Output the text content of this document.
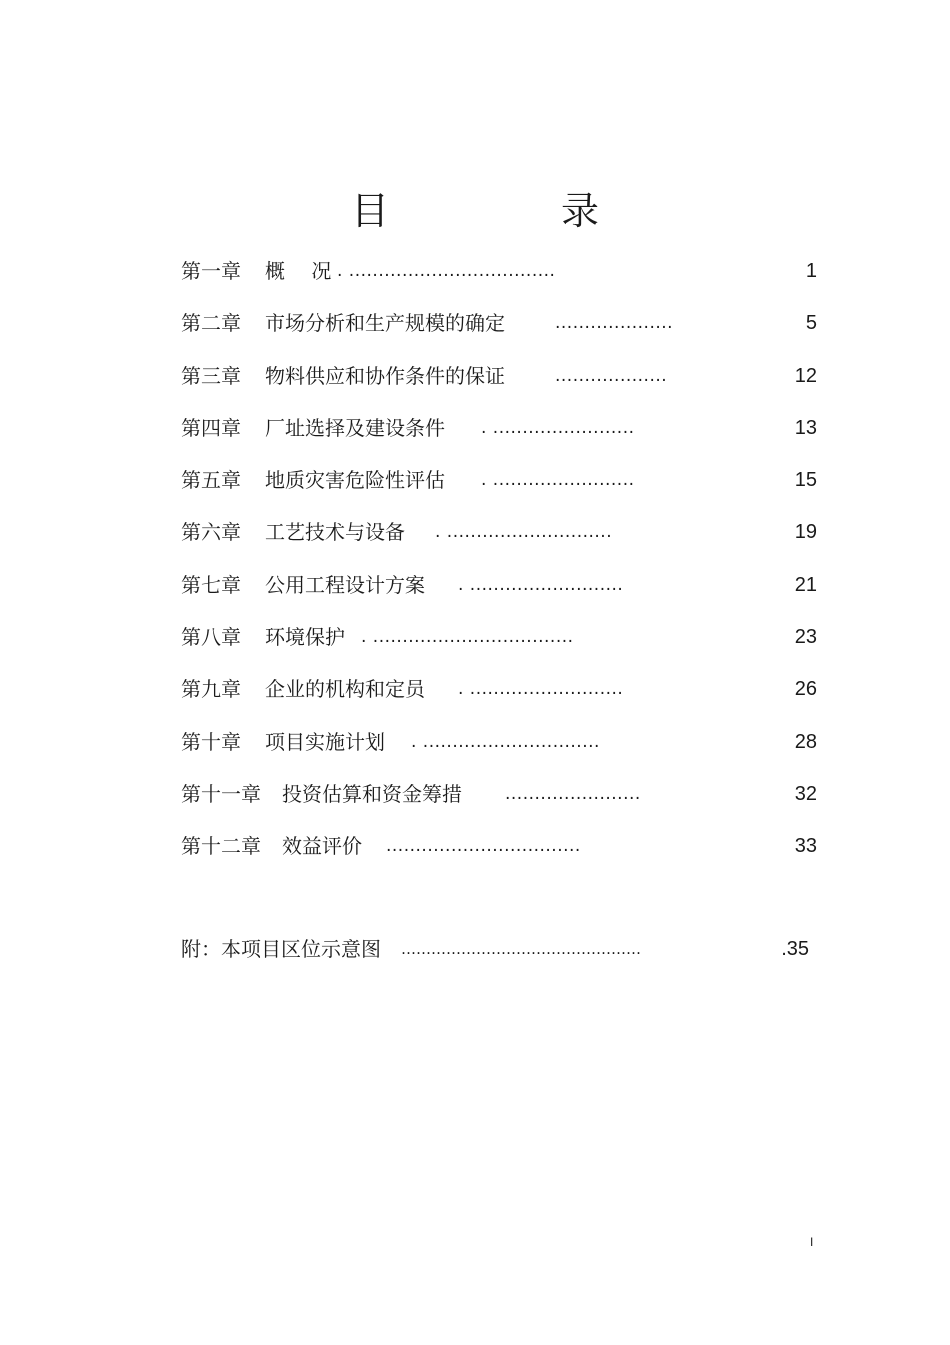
目 录
第一章 概　 况 . ...................................	1
第二章 市场分析和生产规模的确定	....................	5
第三章 物料供应和协作条件的保证	...................	12
第四章 厂址选择及建设条件 . ........................	13
第五章 地质灾害危险性评估 . ........................	15
第六章 工艺技术与设备 . ............................	19
第七章 公用工程设计方案 . ..........................	21
第八章 环境保护 . ..................................	23
第九章 企业的机构和定员 . ..........................	26
第十章 项目实施计划 . ..............................	28
第十一章 投资估算和资金筹措	.......................	32
第十二章 效益评价 .................................	33
附：本项目区位示意图 …………………………………………	.35
I
